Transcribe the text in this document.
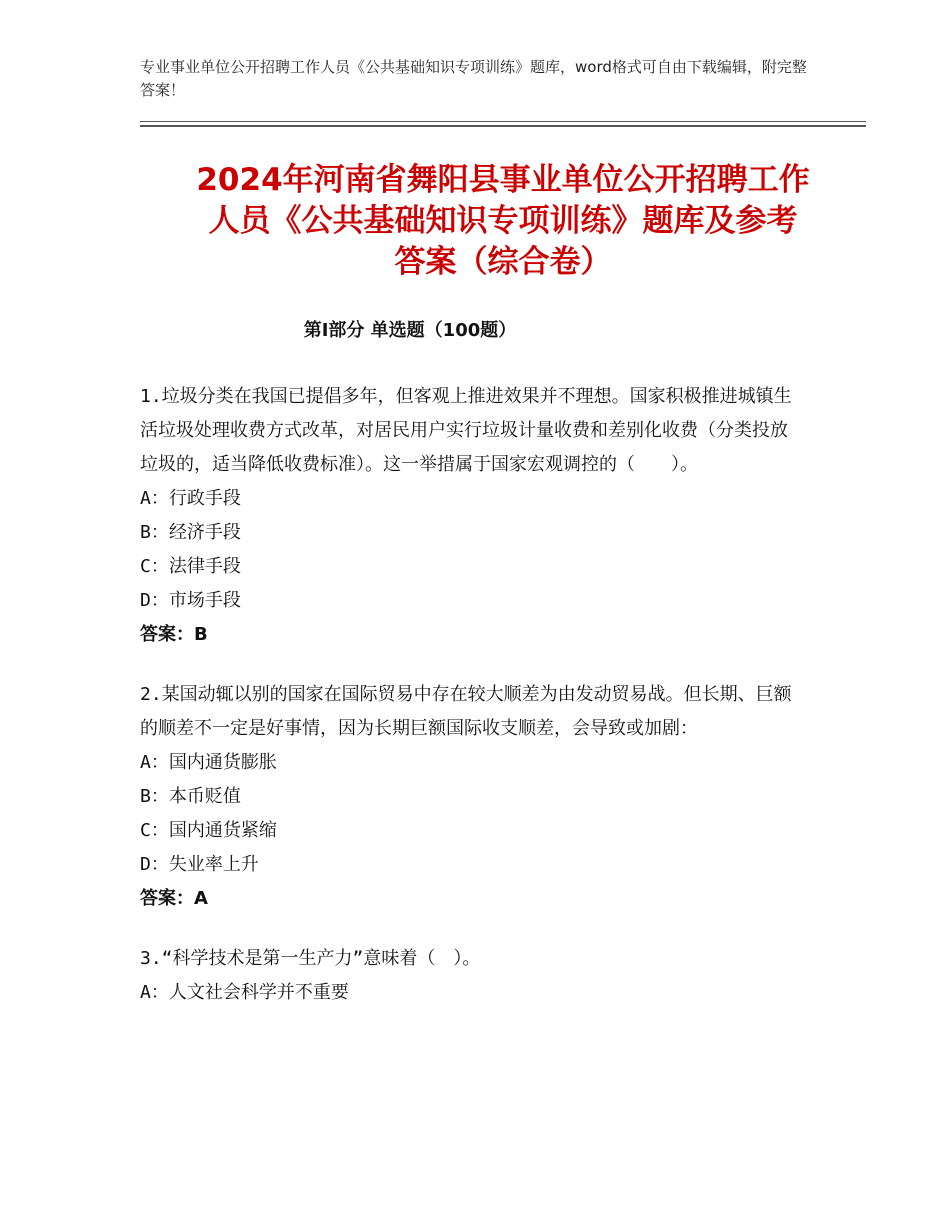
专业事业单位公开招聘工作人员《公共基础知识专项训练》题库，word格式可自由下载编辑，附完整答案！
2024年河南省舞阳县事业单位公开招聘工作
人员《公共基础知识专项训练》题库及参考
答案（综合卷）
第Ⅰ部分 单选题（100题）
1.垃圾分类在我国已提倡多年，但客观上推进效果并不理想。国家积极推进城镇生活垃圾处理收费方式改革，对居民用户实行垃圾计量收费和差别化收费（分类投放垃圾的，适当降低收费标准）。这一举措属于国家宏观调控的（　　）。
A：行政手段
B：经济手段
C：法律手段
D：市场手段
答案：B
2.某国动辄以别的国家在国际贸易中存在较大顺差为由发动贸易战。但长期、巨额的顺差不一定是好事情，因为长期巨额国际收支顺差，会导致或加剧：
A：国内通货膨胀
B：本币贬值
C：国内通货紧缩
D：失业率上升
答案：A
3.“科学技术是第一生产力”意味着（　）。
A：人文社会科学并不重要
